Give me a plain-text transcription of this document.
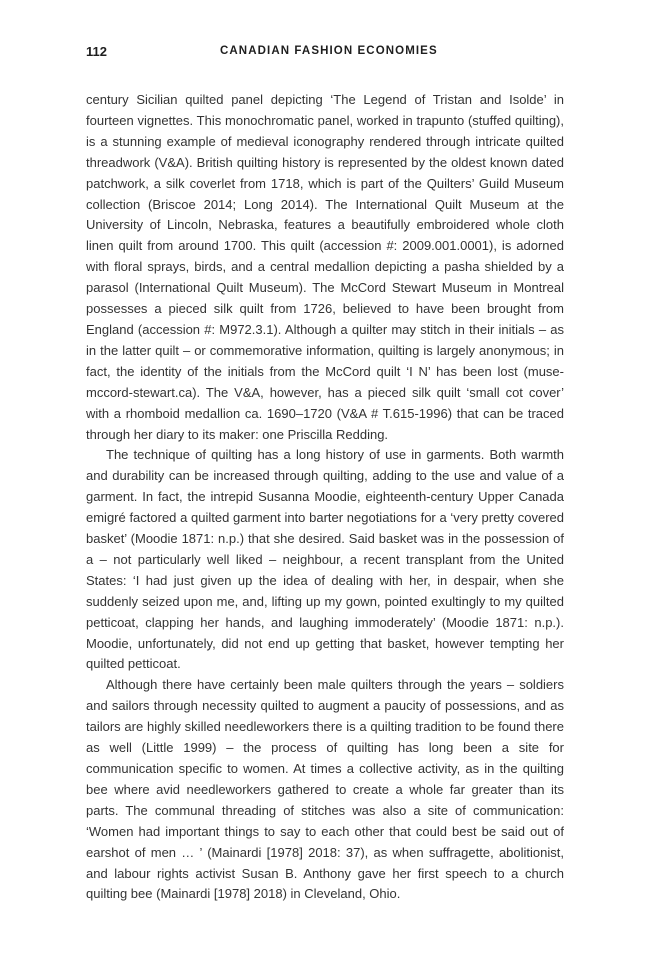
112	CANADIAN FASHION ECONOMIES

century Sicilian quilted panel depicting ‘The Legend of Tristan and Isolde’ in fourteen vignettes. This monochromatic panel, worked in trapunto (stuffed quilting), is a stunning example of medieval iconography rendered through intricate quilted threadwork (V&A). British quilting history is represented by the oldest known dated patchwork, a silk coverlet from 1718, which is part of the Quilters’ Guild Museum collection (Briscoe 2014; Long 2014). The International Quilt Museum at the University of Lincoln, Nebraska, features a beautifully embroidered whole cloth linen quilt from around 1700. This quilt (accession #: 2009.001.0001), is adorned with floral sprays, birds, and a central medallion depicting a pasha shielded by a parasol (International Quilt Museum). The McCord Stewart Museum in Montreal possesses a pieced silk quilt from 1726, believed to have been brought from England (accession #: M972.3.1). Although a quilter may stitch in their initials – as in the latter quilt – or commemorative information, quilting is largely anonymous; in fact, the identity of the initials from the McCord quilt ‘I N’ has been lost (muse-mccord-stewart.ca). The V&A, however, has a pieced silk quilt ‘small cot cover’ with a rhomboid medallion ca. 1690–1720 (V&A # T.615-1996) that can be traced through her diary to its maker: one Priscilla Redding.

The technique of quilting has a long history of use in garments. Both warmth and durability can be increased through quilting, adding to the use and value of a garment. In fact, the intrepid Susanna Moodie, eighteenth-century Upper Canada emigré factored a quilted garment into barter negotiations for a ‘very pretty covered basket’ (Moodie 1871: n.p.) that she desired. Said basket was in the possession of a – not particularly well liked – neighbour, a recent transplant from the United States: ‘I had just given up the idea of dealing with her, in despair, when she suddenly seized upon me, and, lifting up my gown, pointed exultingly to my quilted petticoat, clapping her hands, and laughing immoderately’ (Moodie 1871: n.p.). Moodie, unfortunately, did not end up getting that basket, however tempting her quilted petticoat.

Although there have certainly been male quilters through the years – soldiers and sailors through necessity quilted to augment a paucity of possessions, and as tailors are highly skilled needleworkers there is a quilting tradition to be found there as well (Little 1999) – the process of quilting has long been a site for communication specific to women. At times a collective activity, as in the quilting bee where avid needleworkers gathered to create a whole far greater than its parts. The communal threading of stitches was also a site of communication: ‘Women had important things to say to each other that could best be said out of earshot of men … ’ (Mainardi [1978] 2018: 37), as when suffragette, abolitionist, and labour rights activist Susan B. Anthony gave her first speech to a church quilting bee (Mainardi [1978] 2018) in Cleveland, Ohio.
